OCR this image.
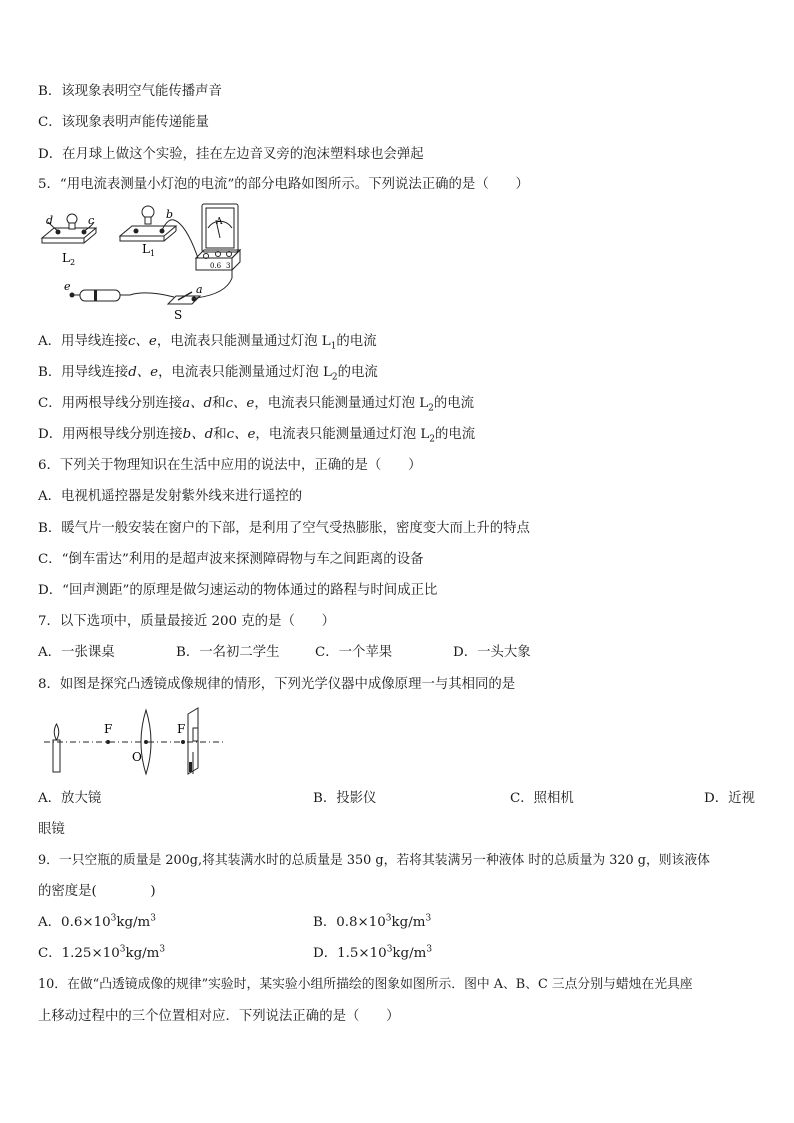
B．该现象表明空气能传播声音
C．该现象表明声能传递能量
D．在月球上做这个实验，挂在左边音叉旁的泡沫塑料球也会弹起
5．“用电流表测量小灯泡的电流”的部分电路如图所示。下列说法正确的是（　　）
d	c	b
e	a
$L_2$
$L_1$
A
0.6 3
S
A．用导线连接c、e，电流表只能测量通过灯泡 $L_1$的电流
B．用导线连接d、e，电流表只能测量通过灯泡 $L_2$的电流
C．用两根导线分别连接a、d和c、e，电流表只能测量通过灯泡 $L_2$的电流
D．用两根导线分别连接b、d和c、e，电流表只能测量通过灯泡 $L_2$的电流
6．下列关于物理知识在生活中应用的说法中，正确的是（　　）
A．电视机遥控器是发射紫外线来进行遥控的
B．暖气片一般安装在窗户的下部，是利用了空气受热膨胀，密度变大而上升的特点
C．“倒车雷达”利用的是超声波来探测障碍物与车之间距离的设备
D．“回声测距”的原理是做匀速运动的物体通过的路程与时间成正比
7．以下选项中，质量最接近 200 克的是（　　）
A．一张课桌	B．一名初二学生	C．一个苹果	D．一头大象
8．如图是探究凸透镜成像规律的情形，下列光学仪器中成像原理一与其相同的是
F	F
O
A．放大镜	B．投影仪	C．照相机	D．近视
眼镜
9．一只空瓶的质量是 200g,将其装满水时的总质量是 350 g，若将其装满另一种液体 时的总质量为 320 g，则该液体
的密度是(　　　　)
A．$0.6\times 10^3kg/m^3$	B．$0.8\times 10^3kg/m^3$
C．$1.25\times 10^3kg/m^3$	D．$1.5\times 10^3kg/m^3$
10．在做“凸透镜成像的规律”实验时，某实验小组所描绘的图象如图所示．图中 A、B、C 三点分别与蜡烛在光具座
上移动过程中的三个位置相对应．下列说法正确的是（　　）
